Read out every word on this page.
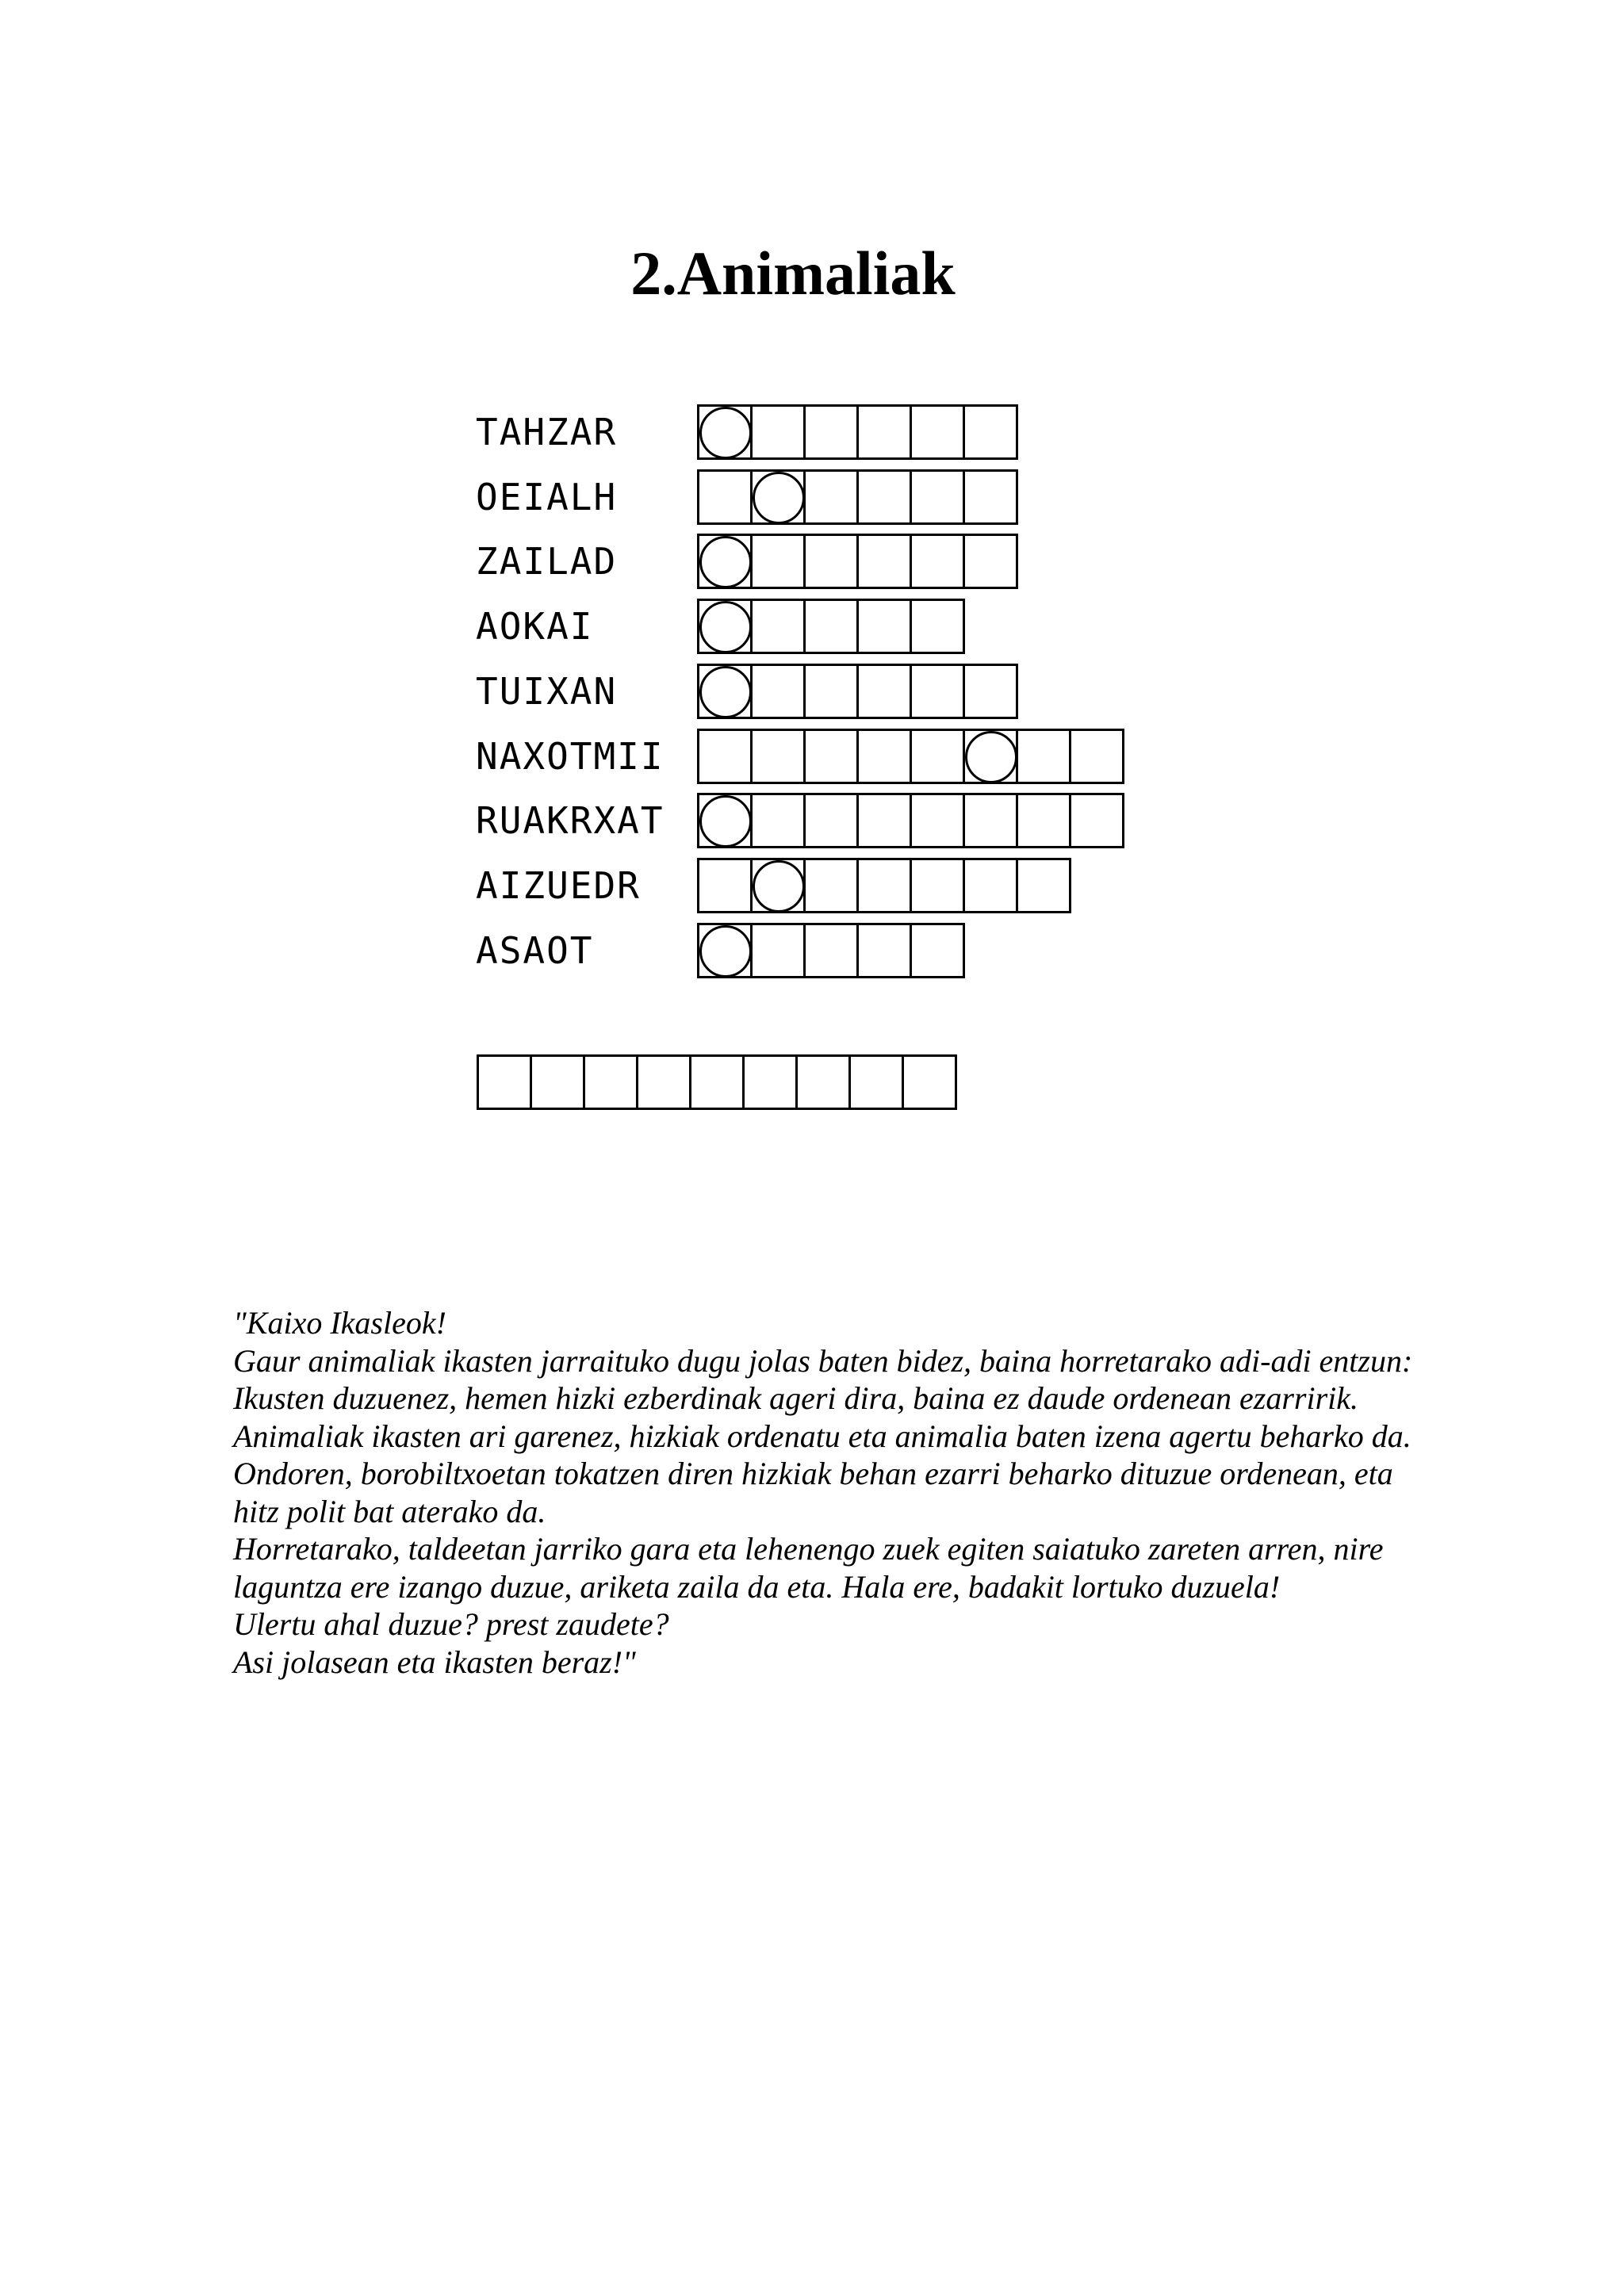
2.Animaliak
TAHZAR
OEIALH
ZAILAD
AOKAI
TUIXAN
NAXOTMII
RUAKRXAT
AIZUEDR
ASAOT

"Kaixo Ikasleok!

Gaur animaliak ikasten jarraituko dugu jolas baten bidez, baina horretarako adi-adi entzun:

Ikusten duzuenez, hemen hizki ezberdinak ageri dira, baina ez daude ordenean ezarririk. Animaliak ikasten ari garenez, hizkiak ordenatu eta animalia baten izena agertu beharko da.

Ondoren, borobiltxoetan tokatzen diren hizkiak behan ezarri beharko dituzue ordenean, eta hitz polit bat aterako da.

Horretarako, taldeetan jarriko gara eta lehenengo zuek egiten saiatuko zareten arren, nire laguntza ere izango duzue, ariketa zaila da eta. Hala ere, badakit lortuko duzuela!

Ulertu ahal duzue? prest zaudete?

Asi jolasean eta ikasten beraz!"
